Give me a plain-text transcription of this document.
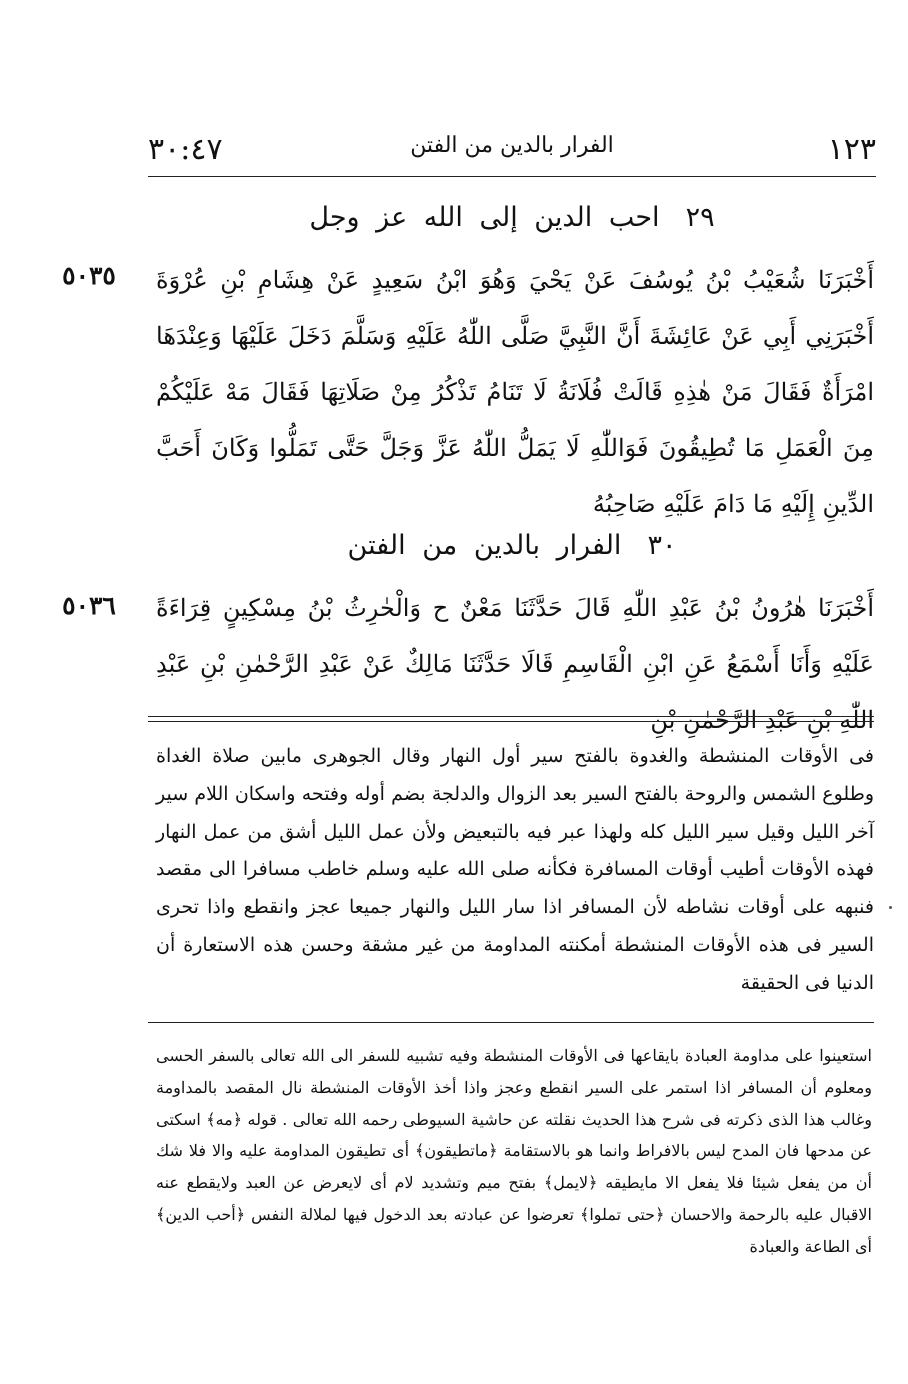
٣٠:٤٧	الفرار بالدين من الفتن	١٢٣
٢٩احب الدين إلى الله عز وجل
٥٠٣٥	أَخْبَرَنَا شُعَيْبُ بْنُ يُوسُفَ عَنْ يَحْيَ وَهُوَ ابْنُ سَعِيدٍ عَنْ هِشَامِ بْنِ عُرْوَةَ أَخْبَرَنِي أَبِي عَنْ عَائِشَةَ أَنَّ النَّبِيَّ صَلَّى اللّٰهُ عَلَيْهِ وَسَلَّمَ دَخَلَ عَلَيْهَا وَعِنْدَهَا امْرَأَةٌ فَقَالَ مَنْ هٰذِهِ قَالَتْ فُلَانَةُ لَا تَنَامُ تَذْكُرُ مِنْ صَلَاتِهَا فَقَالَ مَهْ عَلَيْكُمْ مِنَ الْعَمَلِ مَا تُطِيقُونَ فَوَاللّٰهِ لَا يَمَلُّ اللّٰهُ عَزَّ وَجَلَّ حَتَّى تَمَلُّوا وَكَانَ أَحَبَّ الدِّينِ إِلَيْهِ مَا دَامَ عَلَيْهِ صَاحِبُهُ

٣٠الفرار بالدين من الفتن
٥٠٣٦	أَخْبَرَنَا هٰرُونُ بْنُ عَبْدِ اللّٰهِ قَالَ حَدَّثَنَا مَعْنٌ ح وَالْحٰرِثُ بْنُ مِسْكِينٍ قِرَاءَةً عَلَيْهِ وَأَنَا أَسْمَعُ عَنِ ابْنِ الْقَاسِمِ قَالَا حَدَّثَنَا مَالِكٌ عَنْ عَبْدِ الرَّحْمٰنِ بْنِ عَبْدِ اللّٰهِ بْنِ عَبْدِ الرَّحْمٰنِ بْنِ

فى الأوقات المنشطة والغدوة بالفتح سير أول النهار وقال الجوهرى مابين صلاة الغداة وطلوع الشمس والروحة بالفتح السير بعد الزوال والدلجة بضم أوله وفتحه واسكان اللام سير آخر الليل وقيل سير الليل كله ولهذا عبر فيه بالتبعيض ولأن عمل الليل أشق من عمل النهار فهذه الأوقات أطيب أوقات المسافرة فكأنه صلى الله عليه وسلم خاطب مسافرا الى مقصد فنبهه على أوقات نشاطه لأن المسافر اذا سار الليل والنهار جميعا عجز وانقطع واذا تحرى السير فى هذه الأوقات المنشطة أمكنته المداومة من غير مشقة وحسن هذه الاستعارة أن الدنيا فى الحقيقة

استعينوا على مداومة العبادة بايقاعها فى الأوقات المنشطة وفيه تشبيه للسفر الى الله تعالى بالسفر الحسى ومعلوم أن المسافر اذا استمر على السير انقطع وعجز واذا أخذ الأوقات المنشطة نال المقصد بالمداومة وغالب هذا الذى ذكرته فى شرح هذا الحديث نقلته عن حاشية السيوطى رحمه الله تعالى . قوله ﴿مه﴾ اسكتى عن مدحها فان المدح ليس بالافراط وانما هو بالاستقامة ﴿ماتطيقون﴾ أى تطيقون المداومة عليه والا فلا شك أن من يفعل شيئا فلا يفعل الا مايطيقه ﴿لايمل﴾ بفتح ميم وتشديد لام أى لايعرض عن العبد ولايقطع عنه الاقبال عليه بالرحمة والاحسان ﴿حتى تملوا﴾ تعرضوا عن عبادته بعد الدخول فيها لملالة النفس ﴿أحب الدين﴾ أى الطاعة والعبادة
